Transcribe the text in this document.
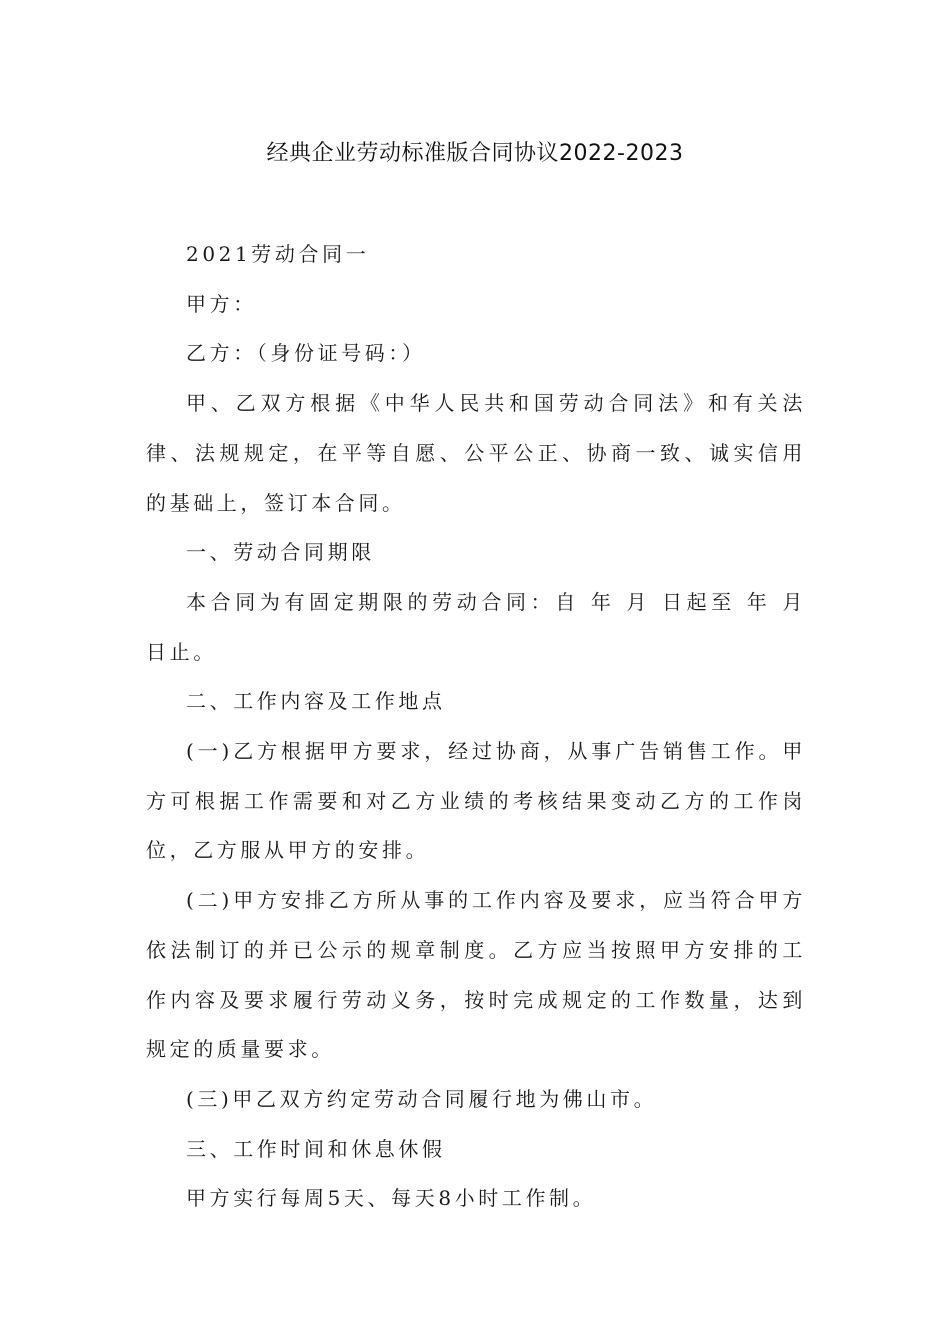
经典企业劳动标准版合同协议2022-2023

2021劳动合同一

甲方：

乙方：（身份证号码：）

甲、乙双方根据《中华人民共和国劳动合同法》和有关法律、法规规定，在平等自愿、公平公正、协商一致、诚实信用的基础上，签订本合同。

一、劳动合同期限

本合同为有固定期限的劳动合同：自 年 月 日起至 年 月 日止。

二、工作内容及工作地点

(一)乙方根据甲方要求，经过协商，从事广告销售工作。甲方可根据工作需要和对乙方业绩的考核结果变动乙方的工作岗位，乙方服从甲方的安排。

(二)甲方安排乙方所从事的工作内容及要求，应当符合甲方依法制订的并已公示的规章制度。乙方应当按照甲方安排的工作内容及要求履行劳动义务，按时完成规定的工作数量，达到规定的质量要求。

(三)甲乙双方约定劳动合同履行地为佛山市。

三、工作时间和休息休假

甲方实行每周5天、每天8小时工作制。
